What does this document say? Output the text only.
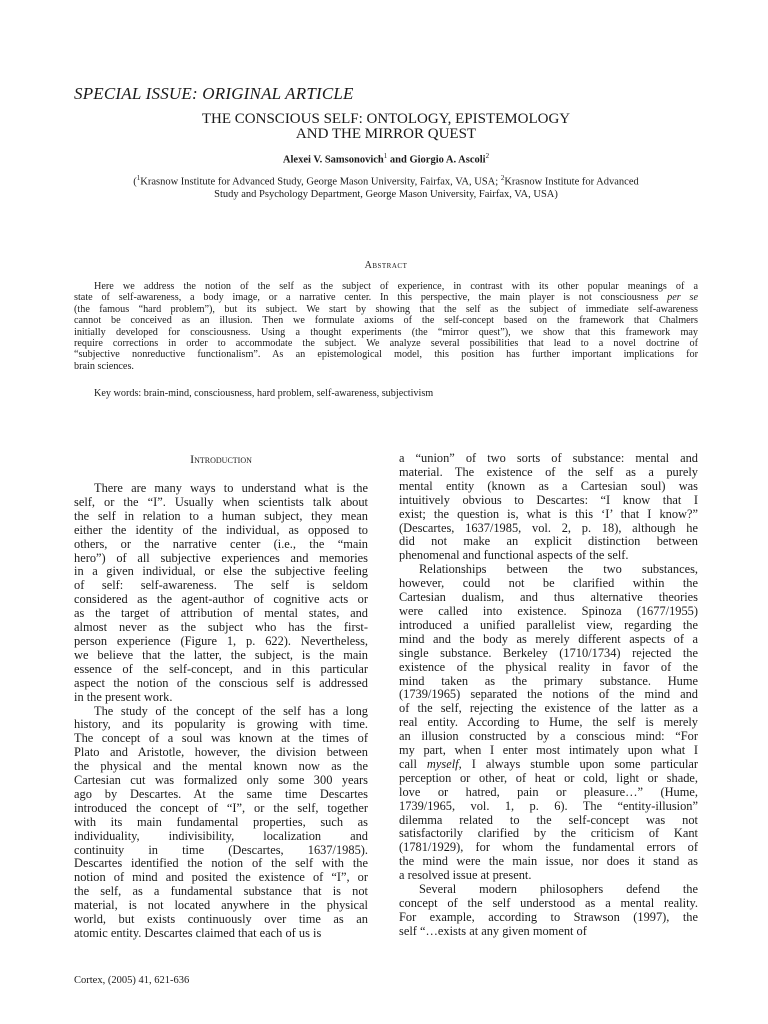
SPECIAL ISSUE: ORIGINAL ARTICLE
THE CONSCIOUS SELF: ONTOLOGY, EPISTEMOLOGY
AND THE MIRROR QUEST
Alexei V. Samsonovich$^1$ and Giorgio A. Ascoli$^2$
($^1$Krasnow Institute for Advanced Study, George Mason University, Fairfax, VA, USA; $^2$Krasnow Institute for Advanced
Study and Psychology Department, George Mason University, Fairfax, VA, USA)
Abstract
Here we address the notion of the self as the subject of experience, in contrast with its other popular meanings of a
state of self-awareness, a body image, or a narrative center. In this perspective, the main player is not consciousness per se
(the famous “hard problem”), but its subject. We start by showing that the self as the subject of immediate self-awareness
cannot be conceived as an illusion. Then we formulate axioms of the self-concept based on the framework that Chalmers
initially developed for consciousness. Using a thought experiments (the “mirror quest”), we show that this framework may
require corrections in order to accommodate the subject. We analyze several possibilities that lead to a novel doctrine of
“subjective nonreductive functionalism”. As an epistemological model, this position has further important implications for
brain sciences.
Key words: brain-mind, consciousness, hard problem, self-awareness, subjectivism
Introduction
There are many ways to understand what is the
self, or the “I”. Usually when scientists talk about
the self in relation to a human subject, they mean
either the identity of the individual, as opposed to
others, or the narrative center (i.e., the “main
hero”) of all subjective experiences and memories
in a given individual, or else the subjective feeling
of self: self-awareness. The self is seldom
considered as the agent-author of cognitive acts or
as the target of attribution of mental states, and
almost never as the subject who has the first-
person experience (Figure 1, p. 622). Nevertheless,
we believe that the latter, the subject, is the main
essence of the self-concept, and in this particular
aspect the notion of the conscious self is addressed
in the present work.
The study of the concept of the self has a long
history, and its popularity is growing with time.
The concept of a soul was known at the times of
Plato and Aristotle, however, the division between
the physical and the mental known now as the
Cartesian cut was formalized only some 300 years
ago by Descartes. At the same time Descartes
introduced the concept of “I”, or the self, together
with its main fundamental properties, such as
individuality, indivisibility, localization and
continuity in time (Descartes, 1637/1985).
Descartes identified the notion of the self with the
notion of mind and posited the existence of “I”, or
the self, as a fundamental substance that is not
material, is not located anywhere in the physical
world, but exists continuously over time as an
atomic entity. Descartes claimed that each of us is
a “union” of two sorts of substance: mental and
material. The existence of the self as a purely
mental entity (known as a Cartesian soul) was
intuitively obvious to Descartes: “I know that I
exist; the question is, what is this ‘I’ that I know?”
(Descartes, 1637/1985, vol. 2, p. 18), although he
did not make an explicit distinction between
phenomenal and functional aspects of the self.
Relationships between the two substances,
however, could not be clarified within the
Cartesian dualism, and thus alternative theories
were called into existence. Spinoza (1677/1955)
introduced a unified parallelist view, regarding the
mind and the body as merely different aspects of a
single substance. Berkeley (1710/1734) rejected the
existence of the physical reality in favor of the
mind taken as the primary substance. Hume
(1739/1965) separated the notions of the mind and
of the self, rejecting the existence of the latter as a
real entity. According to Hume, the self is merely
an illusion constructed by a conscious mind: “For
my part, when I enter most intimately upon what I
call myself, I always stumble upon some particular
perception or other, of heat or cold, light or shade,
love or hatred, pain or pleasure…” (Hume,
1739/1965, vol. 1, p. 6). The “entity-illusion”
dilemma related to the self-concept was not
satisfactorily clarified by the criticism of Kant
(1781/1929), for whom the fundamental errors of
the mind were the main issue, nor does it stand as
a resolved issue at present.
Several modern philosophers defend the
concept of the self understood as a mental reality.
For example, according to Strawson (1997), the
self “…exists at any given moment of
Cortex, (2005) 41, 621-636
